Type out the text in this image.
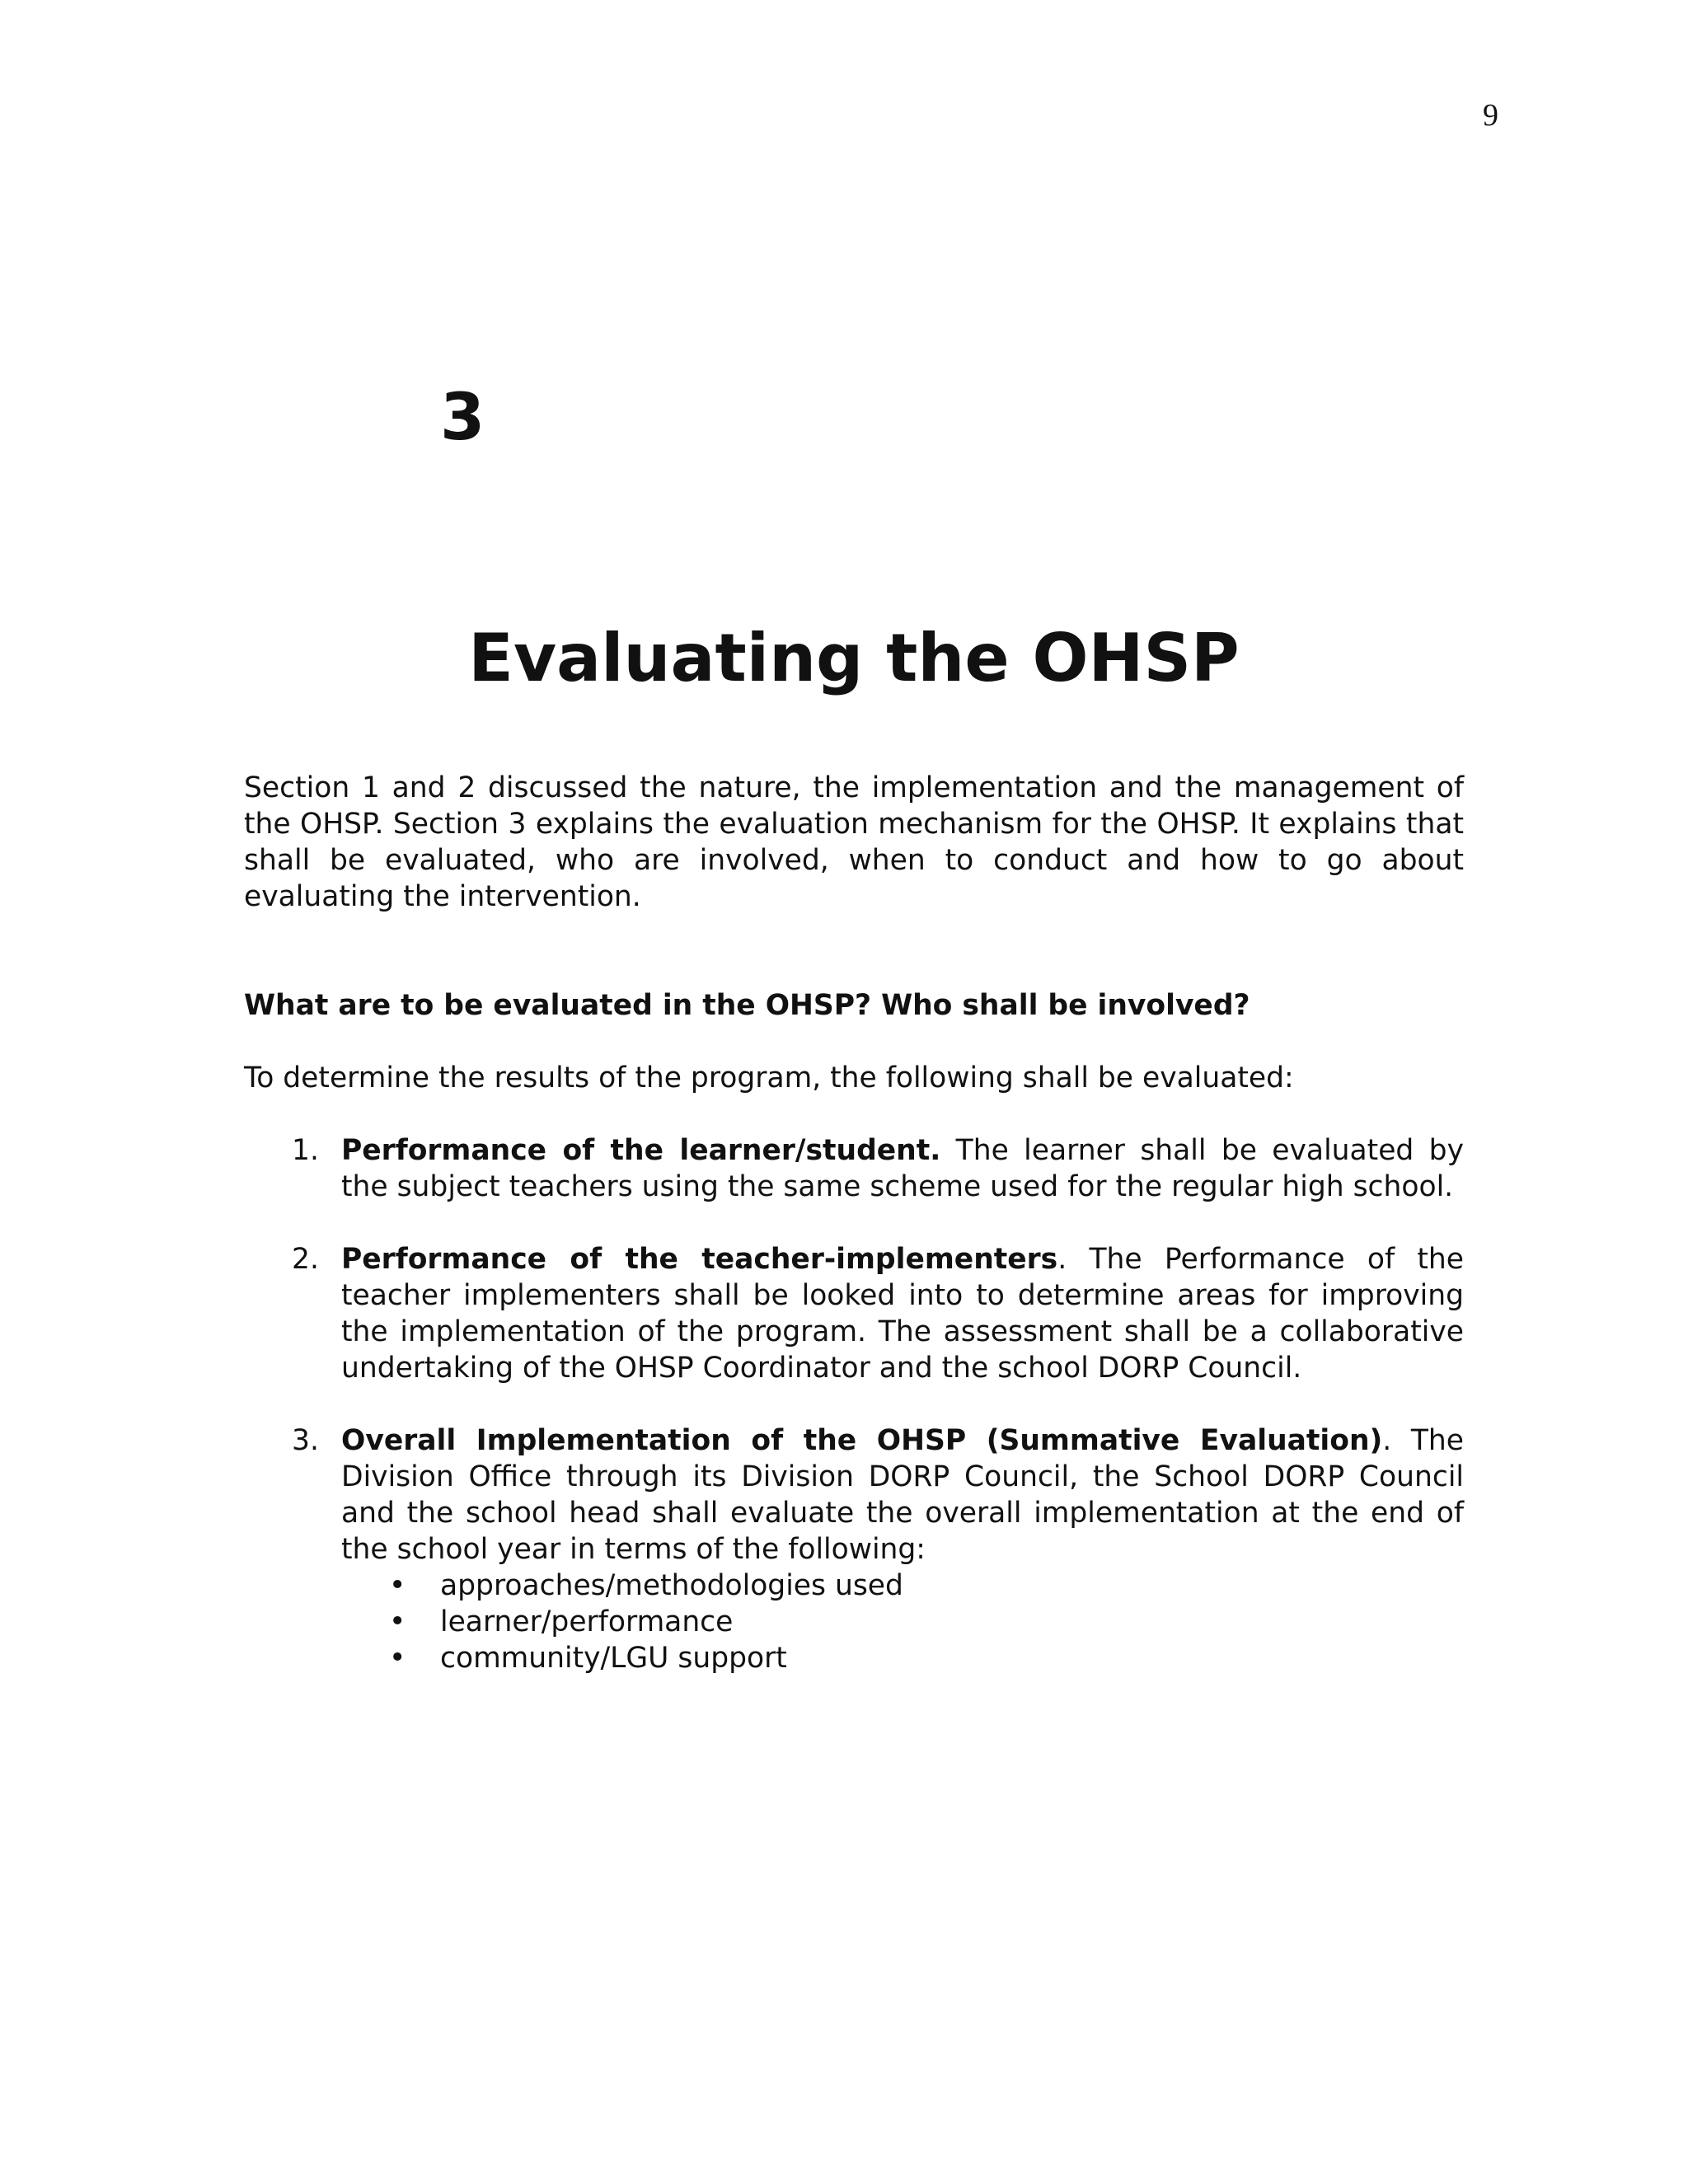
9
3
Evaluating the OHSP

Section 1 and 2 discussed the nature, the implementation and the management of the OHSP. Section 3 explains the evaluation mechanism for the OHSP. It explains that shall be evaluated, who are involved, when to conduct and how to go about evaluating the intervention.

What are to be evaluated in the OHSP? Who shall be involved?

To determine the results of the program, the following shall be evaluated:

1. Performance of the learner/student. The learner shall be evaluated by the subject teachers using the same scheme used for the regular high school.
2. Performance of the teacher-implementers. The Performance of the teacher implementers shall be looked into to determine areas for improving the implementation of the program. The assessment shall be a collaborative undertaking of the OHSP Coordinator and the school DORP Council.
3. Overall Implementation of the OHSP (Summative Evaluation). The Division Office through its Division DORP Council, the School DORP Council and the school head shall evaluate the overall implementation at the end of the school year in terms of the following:
• approaches/methodologies used
• learner/performance
• community/LGU support
